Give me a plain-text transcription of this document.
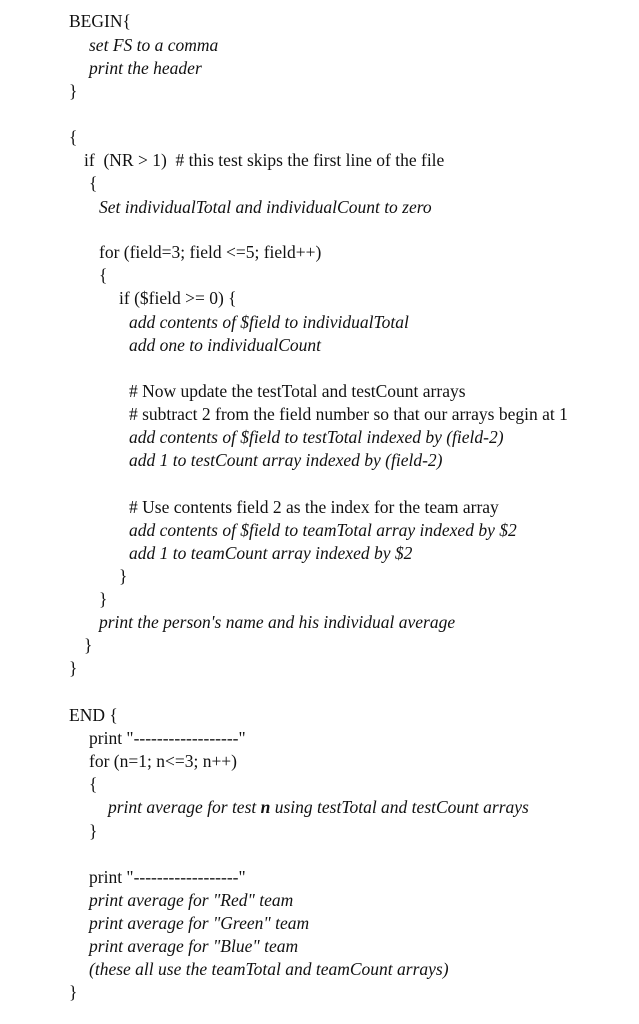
BEGIN{
set FS to a comma
print the header
}
{
if  (NR > 1)  # this test skips the first line of the file
{
Set individualTotal and individualCount to zero
for (field=3; field <=5; field++)
{
if ($field >= 0) {
add contents of $field to individualTotal
add one to individualCount
# Now update the testTotal and testCount arrays
# subtract 2 from the field number so that our arrays begin at 1
add contents of $field to testTotal indexed by (field-2)
add 1 to testCount array indexed by (field-2)
# Use contents field 2 as the index for the team array
add contents of $field to teamTotal array indexed by $2
add 1 to teamCount array indexed by $2
}
}
print the person's name and his individual average
}
}
END {
print "------------------"
for (n=1; n<=3; n++)
{
print average for test n using testTotal and testCount arrays
}
print "------------------"
print average for "Red" team
print average for "Green" team
print average for "Blue" team
(these all use the teamTotal and teamCount arrays)
}
